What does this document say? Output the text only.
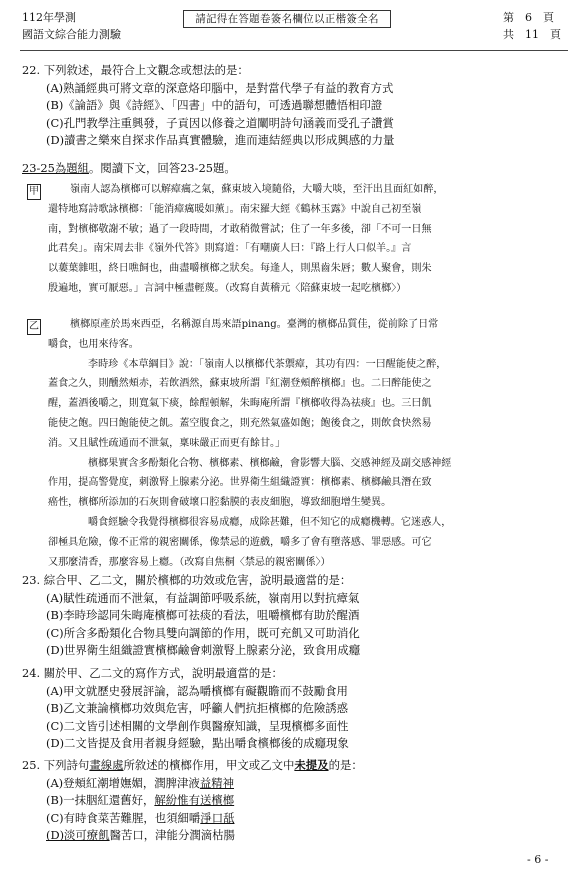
112年學測
國語文綜合能力測驗
請記得在答題卷簽名欄位以正楷簽全名	第　6　頁
共　11　頁
22. 下列敘述，最符合上文觀念或想法的是：
(A)熟誦經典可將文章的深意烙印腦中，是對當代學子有益的教育方式
(B)《論語》與《詩經》、「四書」中的語句，可透過聯想體悟相印證
(C)孔門教學注重興發，子貢因以修養之道闡明詩句涵義而受孔子讚賞
(D)讀書之樂來自探求作品真實體驗，進而連結經典以形成興感的力量
23-25為題組。閱讀下文，回答23-25題。
甲	嶺南人認為檳榔可以解瘴癘之氣，蘇東坡入境隨俗，大嚼大啖，至汗出且面紅如醉，

還特地寫詩歌詠檳榔：「能消瘴癘暖如薰」。南宋羅大經《鶴林玉露》中說自己初至嶺

南，對檳榔敬謝不敏；過了一段時間，才敢稍微嘗試；住了一年多後，卻「不可一日無

此君矣」。南宋周去非《嶺外代答》則寫道：「有嘲廣人曰：『路上行人口似羊。』言

以蔞葉雜咀，終日噍飼也，曲盡嚼檳榔之狀矣。每逢人，則黑齒朱唇；數人聚會，則朱

殷遍地，實可厭惡。」言詞中極盡輕蔑。（改寫自黃稽元〈陪蘇東坡一起吃檳榔〉）

乙	檳榔原產於馬來西亞，名稱源自馬來語pinang。臺灣的檳榔品質佳，從前除了日常

嚼食，也用來待客。

李時珍《本草綱目》說：「嶺南人以檳榔代茶禦瘴，其功有四：一曰醒能使之醉，

蓋食之久，則醺然頰赤，若飲酒然，蘇東坡所謂『紅潮登頰醉檳榔』也。二曰醉能使之

醒，蓋酒後嚼之，則寬氣下痰，餘酲頓解，朱晦庵所謂『檳榔收得為祛痰』也。三曰飢

能使之飽。四曰飽能使之飢。蓋空腹食之，則充然氣盛如飽；飽後食之，則飲食快然易

消。又且賦性疏通而不泄氣，稟味嚴正而更有餘甘。」

檳榔果實含多酚類化合物、檳榔素、檳榔鹼，會影響大腦、交感神經及副交感神經

作用，提高警覺度，刺激腎上腺素分泌。世界衛生組織證實：檳榔素、檳榔鹼具潛在致

癌性，檳榔所添加的石灰則會破壞口腔黏膜的表皮細胞，導致細胞增生變異。

嚼食經驗令我覺得檳榔很容易成癮，成除甚難，但不知它的成癮機轉。它迷惑人，

卻極具危險，像不正常的親密關係，像禁忌的遊戲，嚼多了會有墮落感、罪惡感。可它

又那麼清香，那麼容易上癮。（改寫自焦桐〈禁忌的親密關係〉）

23. 綜合甲、乙二文，關於檳榔的功效或危害，說明最適當的是：
(A)賦性疏通而不泄氣，有益調節呼吸系統，嶺南用以對抗瘴氣
(B)李時珍認同朱晦庵檳榔可祛痰的看法，咀嚼檳榔有助於醒酒
(C)所含多酚類化合物具雙向調節的作用，既可充飢又可助消化
(D)世界衛生組織證實檳榔鹼會刺激腎上腺素分泌，致食用成癮
24. 關於甲、乙二文的寫作方式，說明最適當的是：
(A)甲文就歷史發展評論，認為嚼檳榔有礙觀瞻而不鼓勵食用
(B)乙文兼論檳榔功效與危害，呼籲人們抗拒檳榔的危險誘惑
(C)二文皆引述相關的文學創作與醫療知識，呈現檳榔多面性
(D)二文皆提及食用者親身經驗，點出嚼食檳榔後的成癮現象
25. 下列詩句畫線處所敘述的檳榔作用，甲文或乙文中未提及的是：
(A)登頰紅潮增嫵媚，潤脾津液益精神
(B)一抹胭紅還舊好，解紛惟有送檳榔
(C)有時食菜苦難腥，也須細嚼淨口舐
(D)淡可療飢醫苦口，津能分潤滴枯腸
- 6 -
